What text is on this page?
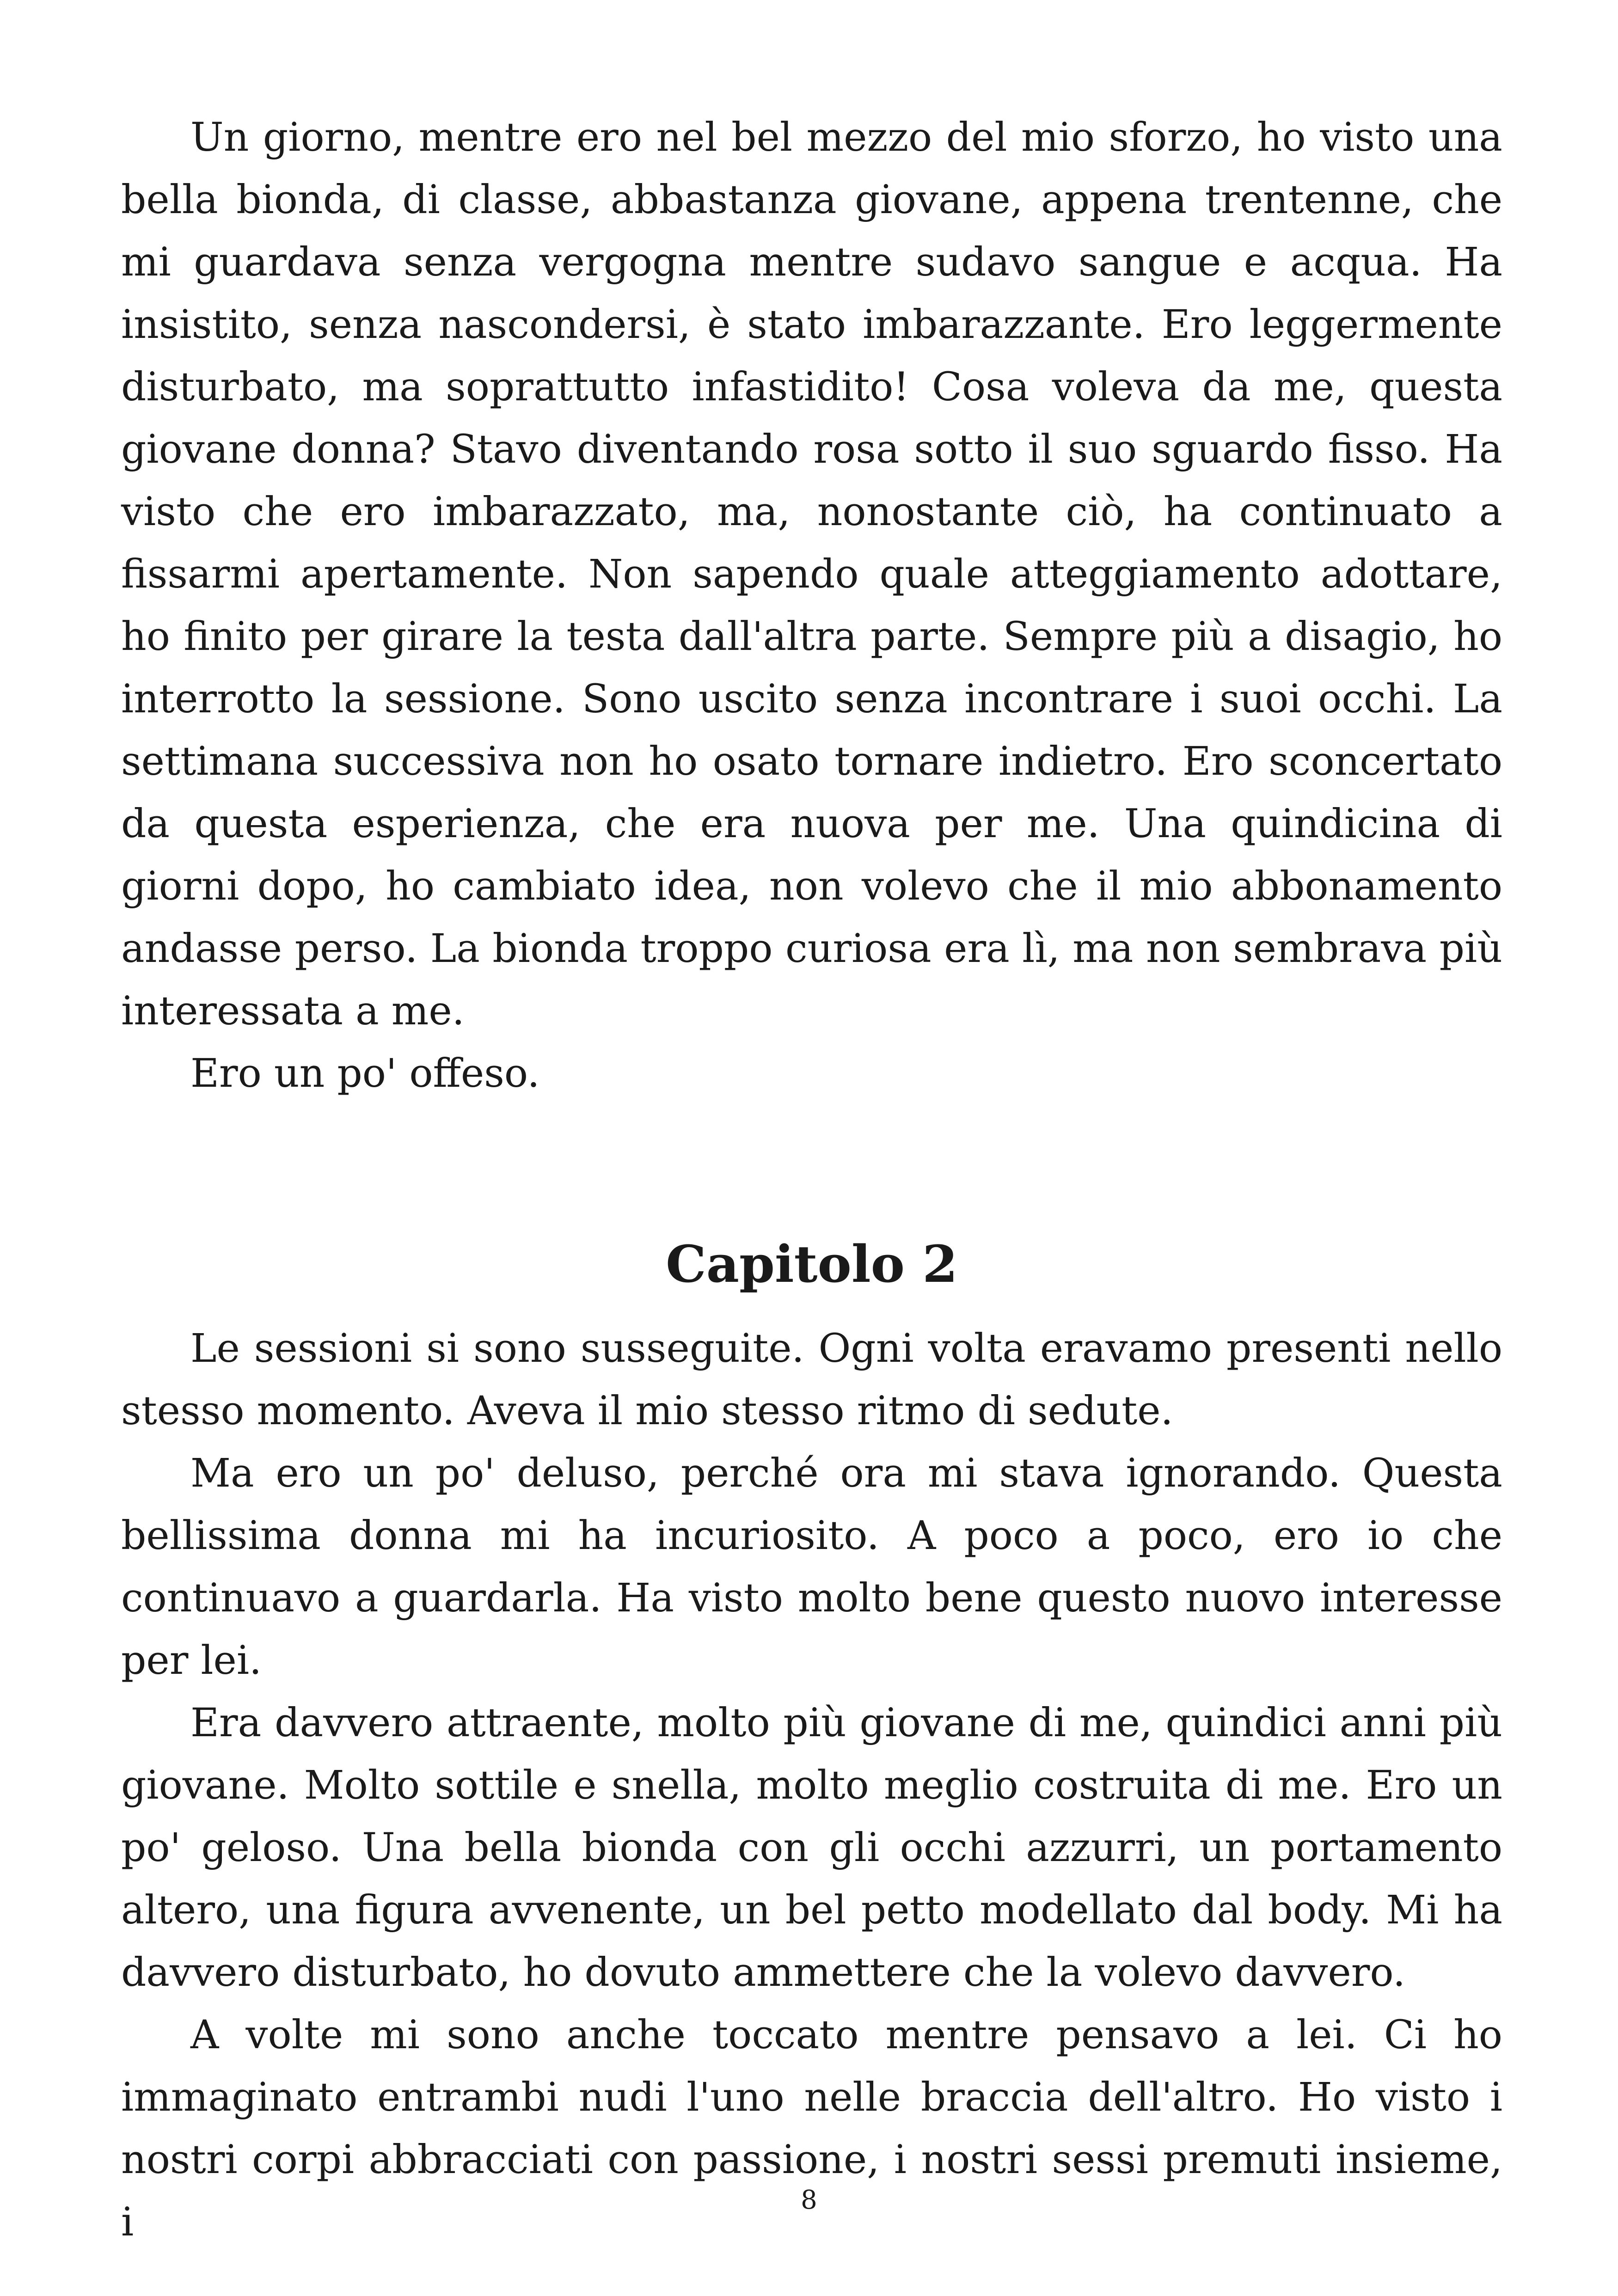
Un giorno, mentre ero nel bel mezzo del mio sforzo, ho visto una bella bionda, di classe, abbastanza giovane, appena trentenne, che mi guardava senza vergogna mentre sudavo sangue e acqua. Ha insistito, senza nascondersi, è stato imbarazzante. Ero leggermente disturbato, ma soprattutto infastidito! Cosa voleva da me, questa giovane donna? Stavo diventando rosa sotto il suo sguardo fisso. Ha visto che ero imbarazzato, ma, nonostante ciò, ha continuato a fissarmi apertamente. Non sapendo quale atteggiamento adottare, ho finito per girare la testa dall'altra parte. Sempre più a disagio, ho interrotto la sessione. Sono uscito senza incontrare i suoi occhi. La settimana successiva non ho osato tornare indietro. Ero sconcertato da questa esperienza, che era nuova per me. Una quindicina di giorni dopo, ho cambiato idea, non volevo che il mio abbonamento andasse perso. La bionda troppo curiosa era lì, ma non sembrava più interessata a me.

Ero un po' offeso.

Capitolo 2

Le sessioni si sono susseguite. Ogni volta eravamo presenti nello stesso momento. Aveva il mio stesso ritmo di sedute.

Ma ero un po' deluso, perché ora mi stava ignorando. Questa bellissima donna mi ha incuriosito. A poco a poco, ero io che continuavo a guardarla. Ha visto molto bene questo nuovo interesse per lei.

Era davvero attraente, molto più giovane di me, quindici anni più giovane. Molto sottile e snella, molto meglio costruita di me. Ero un po' geloso. Una bella bionda con gli occhi azzurri, un portamento altero, una figura avvenente, un bel petto modellato dal body. Mi ha davvero disturbato, ho dovuto ammettere che la volevo davvero.

A volte mi sono anche toccato mentre pensavo a lei. Ci ho immaginato entrambi nudi l'uno nelle braccia dell'altro. Ho visto i nostri corpi abbracciati con passione, i nostri sessi premuti insieme, i	8
